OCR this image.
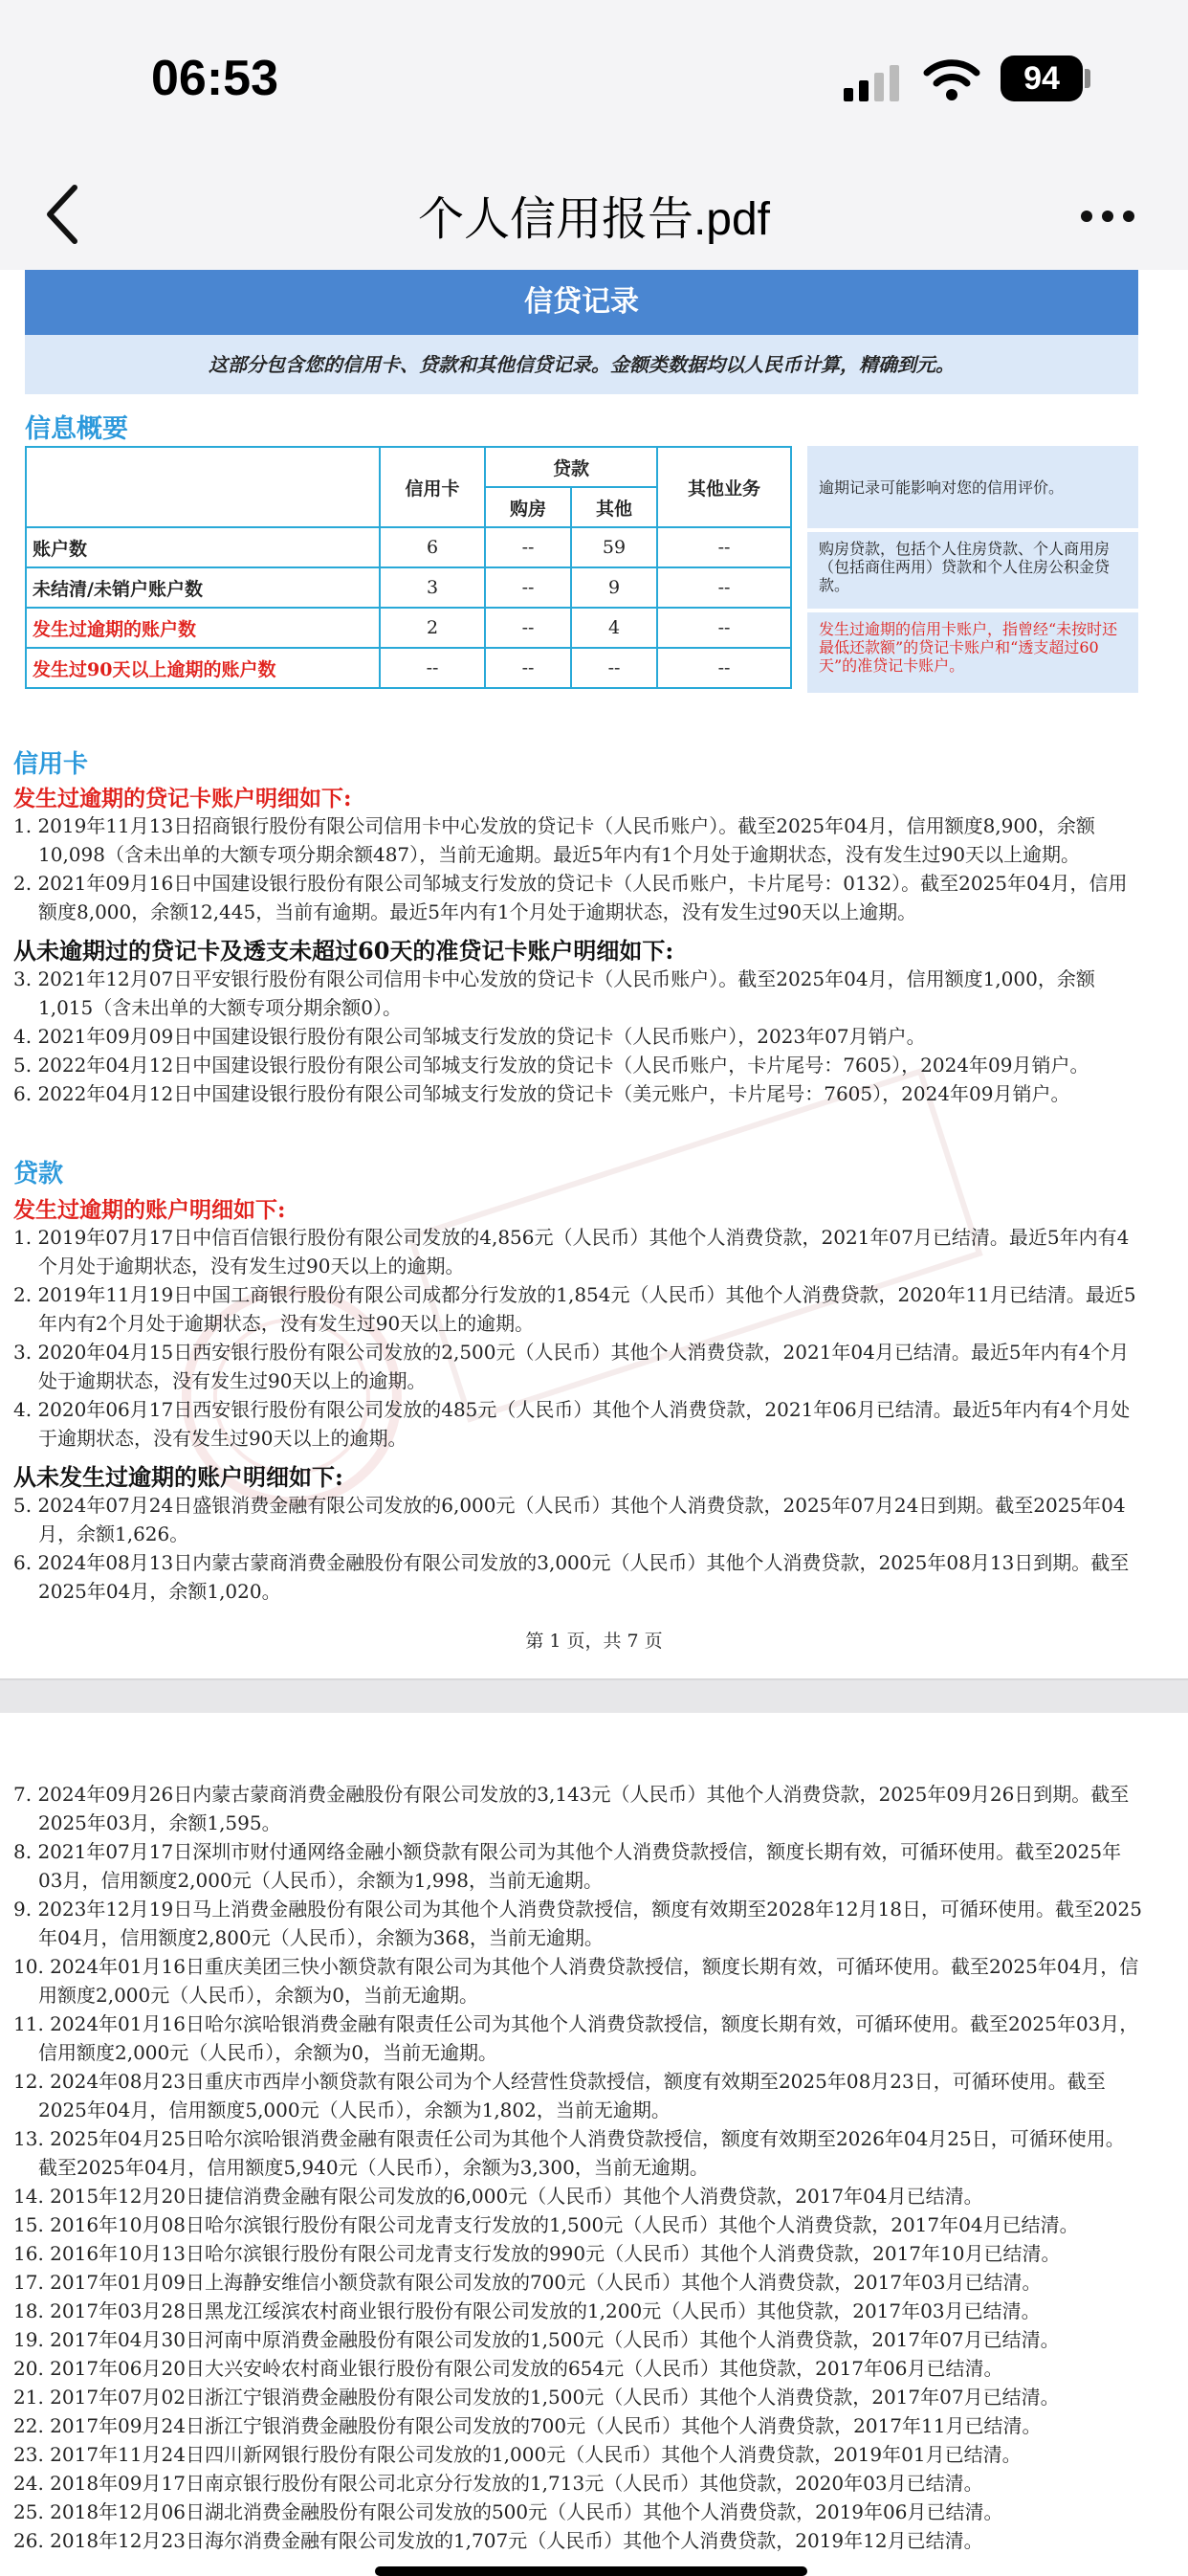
06:53	94
个人信用报告.pdf
信贷记录
这部分包含您的信用卡、贷款和其他信贷记录。金额类数据均以人民币计算，精确到元。
信息概要
	信用卡	贷款		其他业务
		购房	其他	
账户数	6	--	59	--
未结清/未销户账户数	3	--	9	--
发生过逾期的账户数	2	--	4	--
发生过90天以上逾期的账户数	--	--	--	--
逾期记录可能影响对您的信用评价。
购房贷款，包括个人住房贷款、个人商用房（包括商住两用）贷款和个人住房公积金贷款。
发生过逾期的信用卡账户，指曾经“未按时还最低还款额”的贷记卡账户和“透支超过60天”的准贷记卡账户。
信用卡
发生过逾期的贷记卡账户明细如下:
1. 2019年11月13日招商银行股份有限公司信用卡中心发放的贷记卡（人民币账户）。截至2025年04月，信用额度8,900，余额10,098（含未出单的大额专项分期余额487），当前无逾期。最近5年内有1个月处于逾期状态，没有发生过90天以上逾期。
2. 2021年09月16日中国建设银行股份有限公司邹城支行发放的贷记卡（人民币账户，卡片尾号：0132）。截至2025年04月，信用额度8,000，余额12,445，当前有逾期。最近5年内有1个月处于逾期状态，没有发生过90天以上逾期。
从未逾期过的贷记卡及透支未超过60天的准贷记卡账户明细如下:
3. 2021年12月07日平安银行股份有限公司信用卡中心发放的贷记卡（人民币账户）。截至2025年04月，信用额度1,000，余额1,015（含未出单的大额专项分期余额0）。
4. 2021年09月09日中国建设银行股份有限公司邹城支行发放的贷记卡（人民币账户），2023年07月销户。
5. 2022年04月12日中国建设银行股份有限公司邹城支行发放的贷记卡（人民币账户，卡片尾号：7605），2024年09月销户。
6. 2022年04月12日中国建设银行股份有限公司邹城支行发放的贷记卡（美元账户，卡片尾号：7605），2024年09月销户。
贷款
发生过逾期的账户明细如下:
1. 2019年07月17日中信百信银行股份有限公司发放的4,856元（人民币）其他个人消费贷款，2021年07月已结清。最近5年内有4个月处于逾期状态，没有发生过90天以上的逾期。
2. 2019年11月19日中国工商银行股份有限公司成都分行发放的1,854元（人民币）其他个人消费贷款，2020年11月已结清。最近5年内有2个月处于逾期状态，没有发生过90天以上的逾期。
3. 2020年04月15日西安银行股份有限公司发放的2,500元（人民币）其他个人消费贷款，2021年04月已结清。最近5年内有4个月处于逾期状态，没有发生过90天以上的逾期。
4. 2020年06月17日西安银行股份有限公司发放的485元（人民币）其他个人消费贷款，2021年06月已结清。最近5年内有4个月处于逾期状态，没有发生过90天以上的逾期。
从未发生过逾期的账户明细如下:
5. 2024年07月24日盛银消费金融有限公司发放的6,000元（人民币）其他个人消费贷款，2025年07月24日到期。截至2025年04月，余额1,626。
6. 2024年08月13日内蒙古蒙商消费金融股份有限公司发放的3,000元（人民币）其他个人消费贷款，2025年08月13日到期。截至2025年04月，余额1,020。
第 1 页，共 7 页
7. 2024年09月26日内蒙古蒙商消费金融股份有限公司发放的3,143元（人民币）其他个人消费贷款，2025年09月26日到期。截至2025年03月，余额1,595。
8. 2021年07月17日深圳市财付通网络金融小额贷款有限公司为其他个人消费贷款授信，额度长期有效，可循环使用。截至2025年03月，信用额度2,000元（人民币），余额为1,998，当前无逾期。
9. 2023年12月19日马上消费金融股份有限公司为其他个人消费贷款授信，额度有效期至2028年12月18日，可循环使用。截至2025年04月，信用额度2,800元（人民币），余额为368，当前无逾期。
10. 2024年01月16日重庆美团三快小额贷款有限公司为其他个人消费贷款授信，额度长期有效，可循环使用。截至2025年04月，信用额度2,000元（人民币），余额为0，当前无逾期。
11. 2024年01月16日哈尔滨哈银消费金融有限责任公司为其他个人消费贷款授信，额度长期有效，可循环使用。截至2025年03月，信用额度2,000元（人民币），余额为0，当前无逾期。
12. 2024年08月23日重庆市西岸小额贷款有限公司为个人经营性贷款授信，额度有效期至2025年08月23日，可循环使用。截至2025年04月，信用额度5,000元（人民币），余额为1,802，当前无逾期。
13. 2025年04月25日哈尔滨哈银消费金融有限责任公司为其他个人消费贷款授信，额度有效期至2026年04月25日，可循环使用。截至2025年04月，信用额度5,940元（人民币），余额为3,300，当前无逾期。
14. 2015年12月20日捷信消费金融有限公司发放的6,000元（人民币）其他个人消费贷款，2017年04月已结清。
15. 2016年10月08日哈尔滨银行股份有限公司龙青支行发放的1,500元（人民币）其他个人消费贷款，2017年04月已结清。
16. 2016年10月13日哈尔滨银行股份有限公司龙青支行发放的990元（人民币）其他个人消费贷款，2017年10月已结清。
17. 2017年01月09日上海静安维信小额贷款有限公司发放的700元（人民币）其他个人消费贷款，2017年03月已结清。
18. 2017年03月28日黑龙江绥滨农村商业银行股份有限公司发放的1,200元（人民币）其他贷款，2017年03月已结清。
19. 2017年04月30日河南中原消费金融股份有限公司发放的1,500元（人民币）其他个人消费贷款，2017年07月已结清。
20. 2017年06月20日大兴安岭农村商业银行股份有限公司发放的654元（人民币）其他贷款，2017年06月已结清。
21. 2017年07月02日浙江宁银消费金融股份有限公司发放的1,500元（人民币）其他个人消费贷款，2017年07月已结清。
22. 2017年09月24日浙江宁银消费金融股份有限公司发放的700元（人民币）其他个人消费贷款，2017年11月已结清。
23. 2017年11月24日四川新网银行股份有限公司发放的1,000元（人民币）其他个人消费贷款，2019年01月已结清。
24. 2018年09月17日南京银行股份有限公司北京分行发放的1,713元（人民币）其他贷款，2020年03月已结清。
25. 2018年12月06日湖北消费金融股份有限公司发放的500元（人民币）其他个人消费贷款，2019年06月已结清。
26. 2018年12月23日海尔消费金融有限公司发放的1,707元（人民币）其他个人消费贷款，2019年12月已结清。
